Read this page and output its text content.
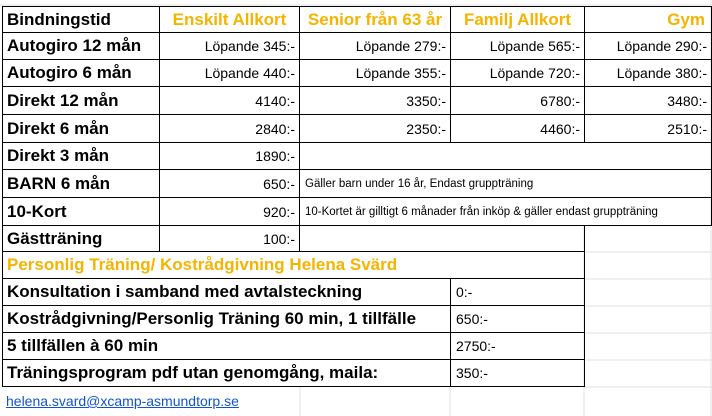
Bindningstid	Enskilt Allkort	Senior från 63 år	Familj Allkort	Gym
Autogiro 12 mån	Löpande 345:-	Löpande 279:-	Löpande 565:-	Löpande 290:-
Autogiro 6 mån	Löpande 440:-	Löpande 355:-	Löpande 720:-	Löpande 380:-
Direkt 12 mån	4140:-	3350:-	6780:-	3480:-
Direkt 6 mån	2840:-	2350:-	4460:-	2510:-
Direkt 3 mån	1890:-
BARN 6 mån	650:- Gäller barn under 16 år, Endast gruppträning
10-Kort	920:- 10-Kortet är gilltigt 6 månader från inköp & gäller endast gruppträning
Gästträning	100:-
Personlig Träning/ Kostrådgivning Helena Svärd
Konsultation i samband med avtalsteckning	0:-
Kostrådgivning/Personlig Träning 60 min, 1 tillfälle	650:-
5 tillfällen à 60 min	2750:-
Träningsprogram pdf utan genomgång, maila:	350:-
helena.svard@xcamp-asmundtorp.se
